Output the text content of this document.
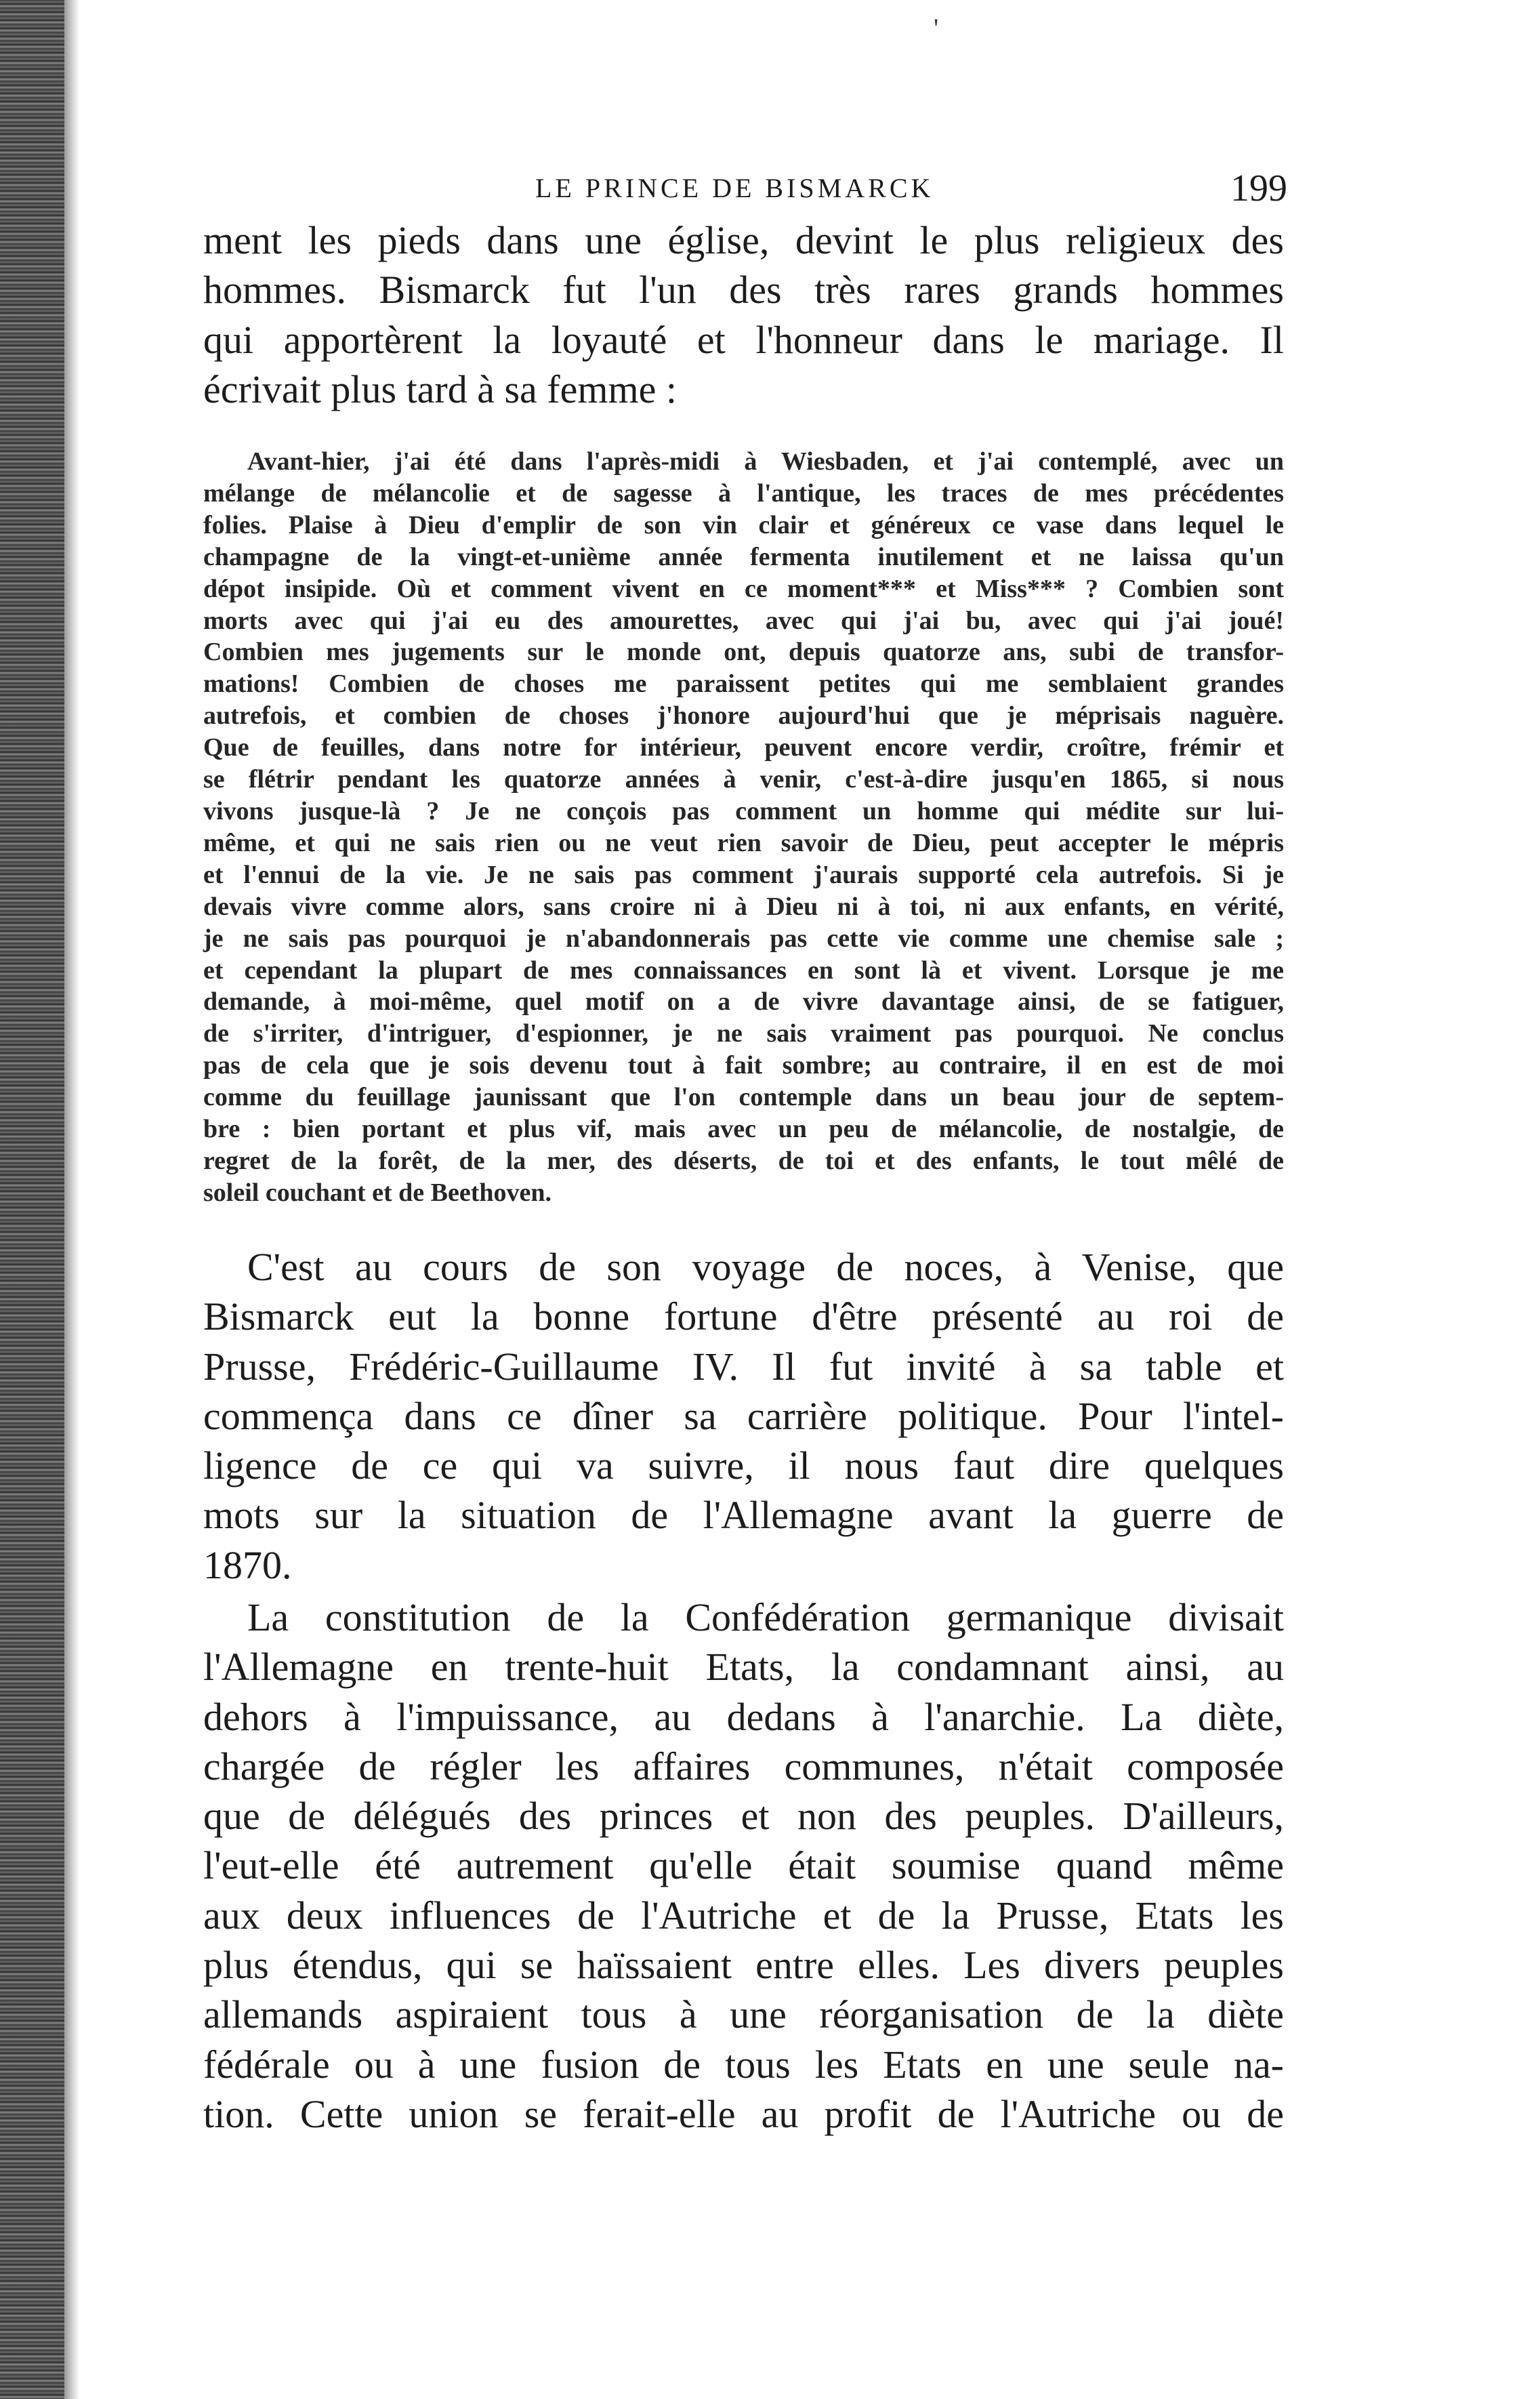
'
LE PRINCE DE BISMARCK	199
ment les pieds dans une église, devint le plus religieux des
hommes. Bismarck fut l'un des très rares grands hommes
qui apportèrent la loyauté et l'honneur dans le mariage. Il
écrivait plus tard à sa femme :
Avant-hier, j'ai été dans l'après-midi à Wiesbaden, et j'ai contemplé, avec un
mélange de mélancolie et de sagesse à l'antique, les traces de mes précédentes
folies. Plaise à Dieu d'emplir de son vin clair et généreux ce vase dans lequel le
champagne de la vingt-et-unième année fermenta inutilement et ne laissa qu'un
dépot insipide. Où et comment vivent en ce moment*** et Miss*** ? Combien sont
morts avec qui j'ai eu des amourettes, avec qui j'ai bu, avec qui j'ai joué!
Combien mes jugements sur le monde ont, depuis quatorze ans, subi de transfor-
mations! Combien de choses me paraissent petites qui me semblaient grandes
autrefois, et combien de choses j'honore aujourd'hui que je méprisais naguère.
Que de feuilles, dans notre for intérieur, peuvent encore verdir, croître, frémir et
se flétrir pendant les quatorze années à venir, c'est-à-dire jusqu'en 1865, si nous
vivons jusque-là ? Je ne conçois pas comment un homme qui médite sur lui-
même, et qui ne sais rien ou ne veut rien savoir de Dieu, peut accepter le mépris
et l'ennui de la vie. Je ne sais pas comment j'aurais supporté cela autrefois. Si je
devais vivre comme alors, sans croire ni à Dieu ni à toi, ni aux enfants, en vérité,
je ne sais pas pourquoi je n'abandonnerais pas cette vie comme une chemise sale ;
et cependant la plupart de mes connaissances en sont là et vivent. Lorsque je me
demande, à moi-même, quel motif on a de vivre davantage ainsi, de se fatiguer,
de s'irriter, d'intriguer, d'espionner, je ne sais vraiment pas pourquoi. Ne conclus
pas de cela que je sois devenu tout à fait sombre; au contraire, il en est de moi
comme du feuillage jaunissant que l'on contemple dans un beau jour de septem-
bre : bien portant et plus vif, mais avec un peu de mélancolie, de nostalgie, de
regret de la forêt, de la mer, des déserts, de toi et des enfants, le tout mêlé de
soleil couchant et de Beethoven.
C'est au cours de son voyage de noces, à Venise, que
Bismarck eut la bonne fortune d'être présenté au roi de
Prusse, Frédéric-Guillaume IV. Il fut invité à sa table et
commença dans ce dîner sa carrière politique. Pour l'intel-
ligence de ce qui va suivre, il nous faut dire quelques
mots sur la situation de l'Allemagne avant la guerre de
1870.
La constitution de la Confédération germanique divisait
l'Allemagne en trente-huit Etats, la condamnant ainsi, au
dehors à l'impuissance, au dedans à l'anarchie. La diète,
chargée de régler les affaires communes, n'était composée
que de délégués des princes et non des peuples. D'ailleurs,
l'eut-elle été autrement qu'elle était soumise quand même
aux deux influences de l'Autriche et de la Prusse, Etats les
plus étendus, qui se haïssaient entre elles. Les divers peuples
allemands aspiraient tous à une réorganisation de la diète
fédérale ou à une fusion de tous les Etats en une seule na-
tion. Cette union se ferait-elle au profit de l'Autriche ou de
